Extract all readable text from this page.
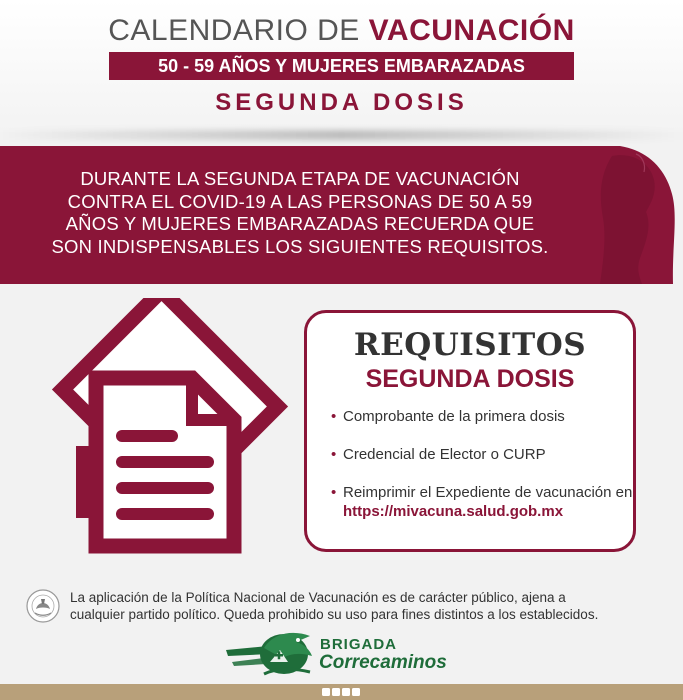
CALENDARIO DE VACUNACIÓN
50 - 59 AÑOS Y MUJERES EMBARAZADAS
SEGUNDA DOSIS
DURANTE LA SEGUNDA ETAPA DE VACUNACIÓN
CONTRA EL COVID-19 A LAS PERSONAS DE 50 A 59
AÑOS Y MUJERES EMBARAZADAS RECUERDA QUE
SON INDISPENSABLES LOS SIGUIENTES REQUISITOS.
REQUISITOS
SEGUNDA DOSIS
• Comprobante de la primera dosis
• Credencial de Elector o CURP
• Reimprimir el Expediente de vacunación en
https://mivacuna.salud.gob.mx
La aplicación de la Política Nacional de Vacunación es de carácter público, ajena a
cualquier partido político. Queda prohibido su uso para fines distintos a los establecidos.
BRIGADA
Correcaminos
